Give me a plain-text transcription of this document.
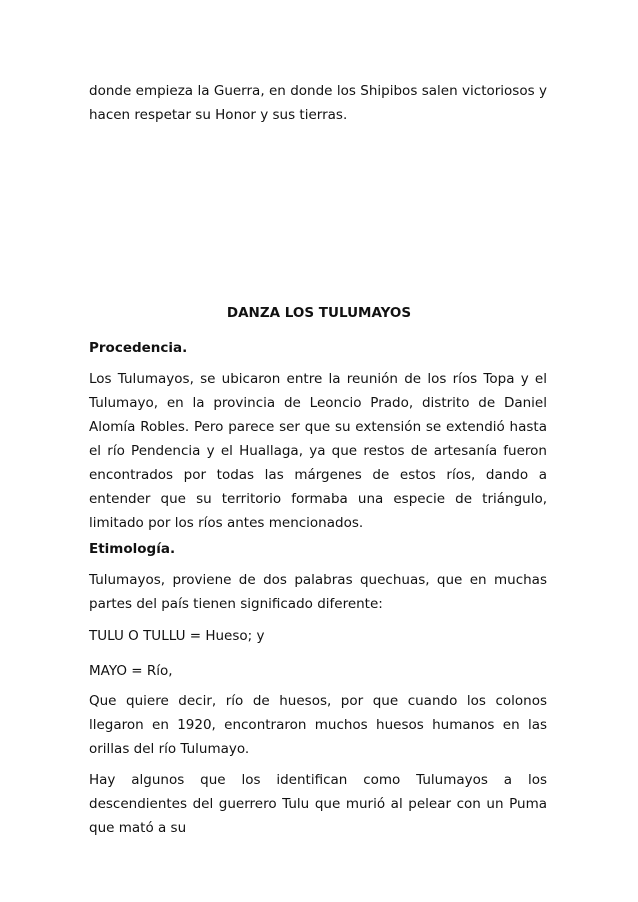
donde empieza la Guerra, en donde los Shipibos salen victoriosos y hacen respetar su Honor y sus tierras.

DANZA LOS TULUMAYOS
Procedencia.

Los Tulumayos, se ubicaron entre la reunión de los ríos Topa y el Tulumayo, en la provincia de Leoncio Prado, distrito de Daniel Alomía Robles. Pero parece ser que su extensión se extendió hasta el río Pendencia y el Huallaga, ya que restos de artesanía fueron encontrados por todas las márgenes de estos ríos, dando a entender que su territorio formaba una especie de triángulo, limitado por los ríos antes mencionados.

Etimología.

Tulumayos, proviene de dos palabras quechuas, que en muchas partes del país tienen significado diferente:

TULU O TULLU = Hueso; y

MAYO = Río,

Que quiere decir, río de huesos, por que cuando los colonos llegaron en 1920, encontraron muchos huesos humanos en las orillas del río Tulumayo.

Hay algunos que los identifican como Tulumayos a los descendientes del guerrero Tulu que murió al pelear con un Puma que mató a su
